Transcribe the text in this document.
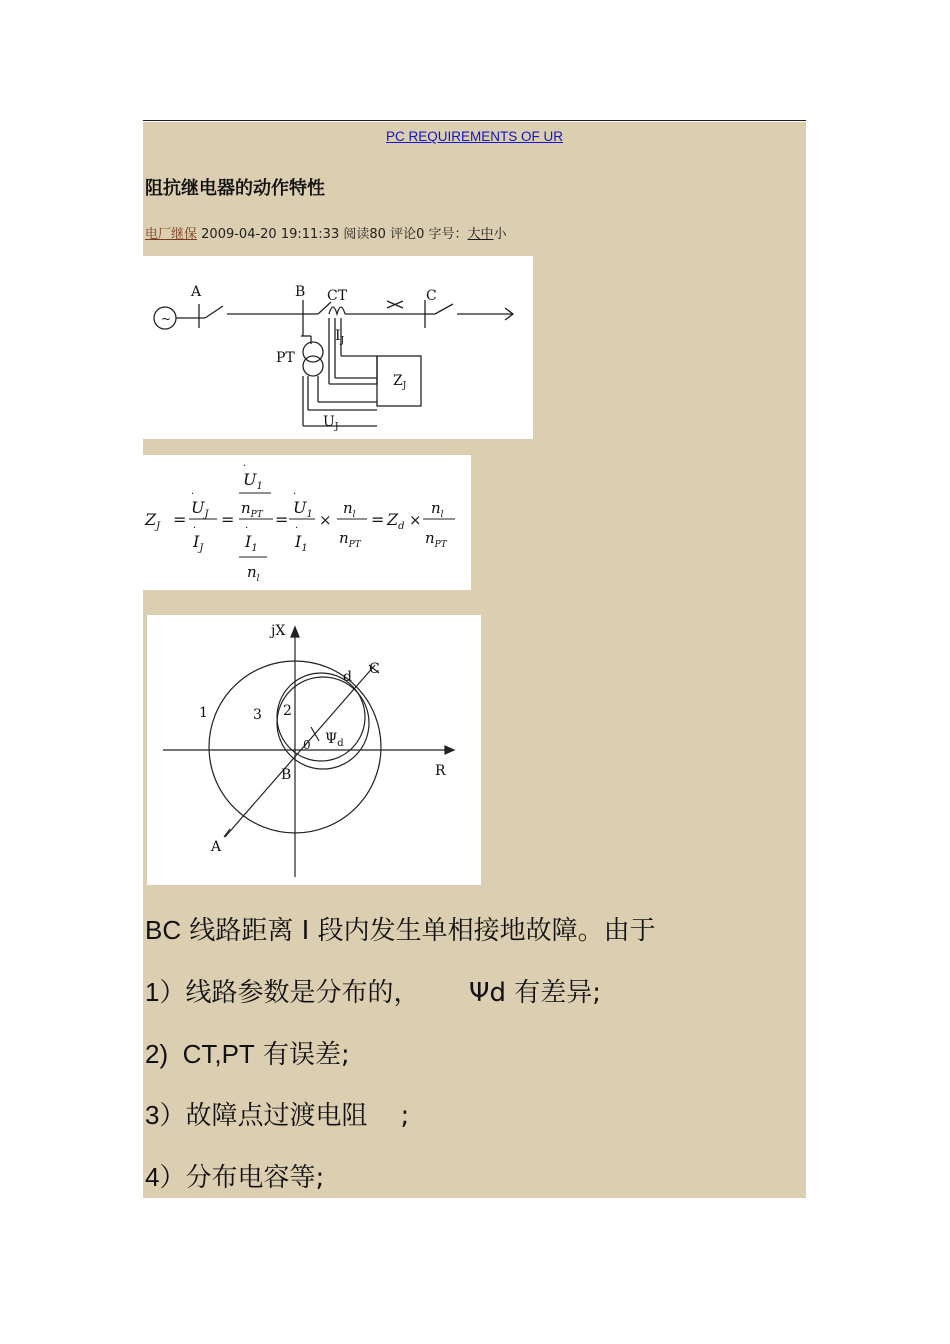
PC REQUIREMENTS OF UR
阻抗继电器的动作特性
电厂继保 2009-04-20 19:11:33 阅读80 评论0 字号：大中小
~
A	B CT	C
PT
$I_J$
$Z_J$
$U_J$
$Z_J$ =
$U_J$
$I_J$
=
$U_1$
$n_{PT}$
$I_1$
$n_l$
=
$U_1$
$I_1$
×
$n_l$
$n_{PT}$
= $Z_d$ ×
$n_l$
$n_{PT}$
·
·
·	·
·
·
jX
R
1	2
3
A
B
C
d
0 $\Psi_d$
BC 线路距离 I 段内发生单相接地故障。由于
1）线路参数是分布的，      Ψd 有差异;
2)  CT,PT 有误差;
3）故障点过渡电阻    ;
4）分布电容等;
